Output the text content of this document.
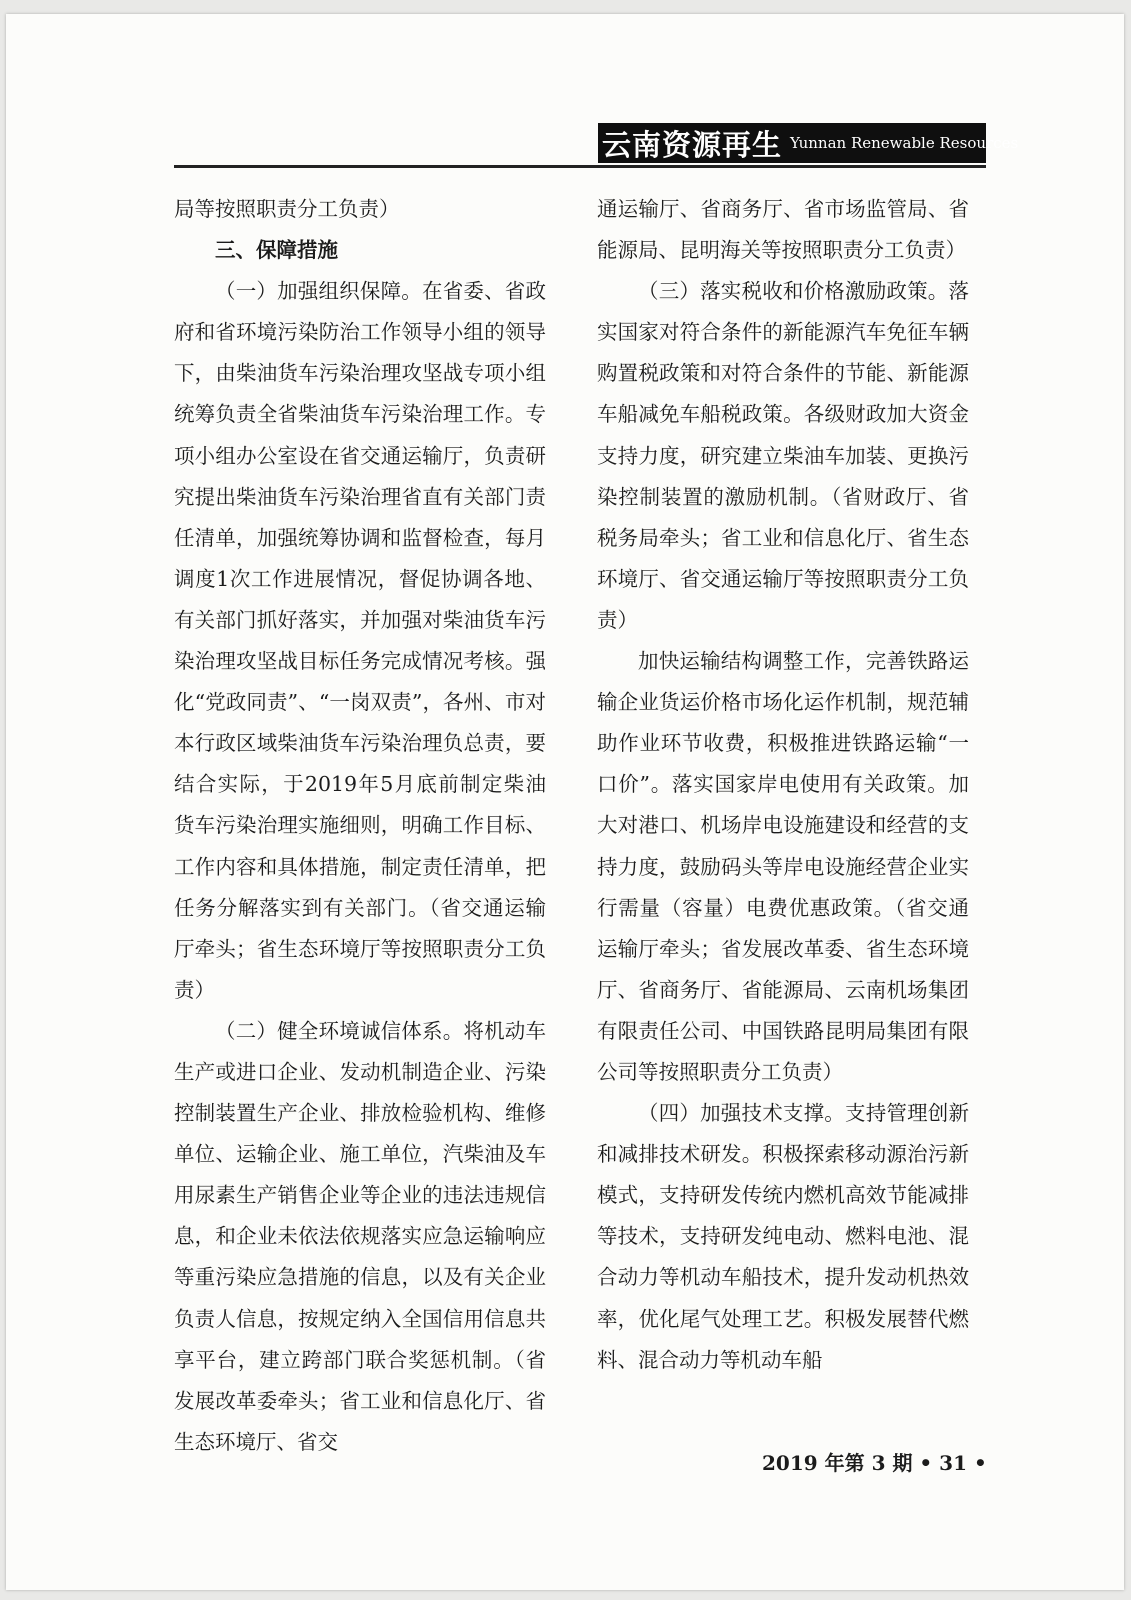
云南资源再生 Yunnan Renewable Resources

局等按照职责分工负责）

三、保障措施

（一）加强组织保障。在省委、省政府和省环境污染防治工作领导小组的领导下，由柴油货车污染治理攻坚战专项小组统筹负责全省柴油货车污染治理工作。专项小组办公室设在省交通运输厅，负责研究提出柴油货车污染治理省直有关部门责任清单，加强统筹协调和监督检查，每月调度1次工作进展情况，督促协调各地、有关部门抓好落实，并加强对柴油货车污染治理攻坚战目标任务完成情况考核。强化“党政同责”、“一岗双责”，各州、市对本行政区域柴油货车污染治理负总责，要结合实际，于2019年5月底前制定柴油货车污染治理实施细则，明确工作目标、工作内容和具体措施，制定责任清单，把任务分解落实到有关部门。（省交通运输厅牵头；省生态环境厅等按照职责分工负责）

（二）健全环境诚信体系。将机动车生产或进口企业、发动机制造企业、污染控制装置生产企业、排放检验机构、维修单位、运输企业、施工单位，汽柴油及车用尿素生产销售企业等企业的违法违规信息，和企业未依法依规落实应急运输响应等重污染应急措施的信息，以及有关企业负责人信息，按规定纳入全国信用信息共享平台，建立跨部门联合奖惩机制。（省发展改革委牵头；省工业和信息化厅、省生态环境厅、省交

通运输厅、省商务厅、省市场监管局、省能源局、昆明海关等按照职责分工负责）

（三）落实税收和价格激励政策。落实国家对符合条件的新能源汽车免征车辆购置税政策和对符合条件的节能、新能源车船减免车船税政策。各级财政加大资金支持力度，研究建立柴油车加装、更换污染控制装置的激励机制。（省财政厅、省税务局牵头；省工业和信息化厅、省生态环境厅、省交通运输厅等按照职责分工负责）

加快运输结构调整工作，完善铁路运输企业货运价格市场化运作机制，规范辅助作业环节收费，积极推进铁路运输“一口价”。落实国家岸电使用有关政策。加大对港口、机场岸电设施建设和经营的支持力度，鼓励码头等岸电设施经营企业实行需量（容量）电费优惠政策。（省交通运输厅牵头；省发展改革委、省生态环境厅、省商务厅、省能源局、云南机场集团有限责任公司、中国铁路昆明局集团有限公司等按照职责分工负责）

（四）加强技术支撑。支持管理创新和减排技术研发。积极探索移动源治污新模式，支持研发传统内燃机高效节能减排等技术，支持研发纯电动、燃料电池、混合动力等机动车船技术，提升发动机热效率，优化尾气处理工艺。积极发展替代燃料、混合动力等机动车船

2019 年第 3 期 • 31 •
